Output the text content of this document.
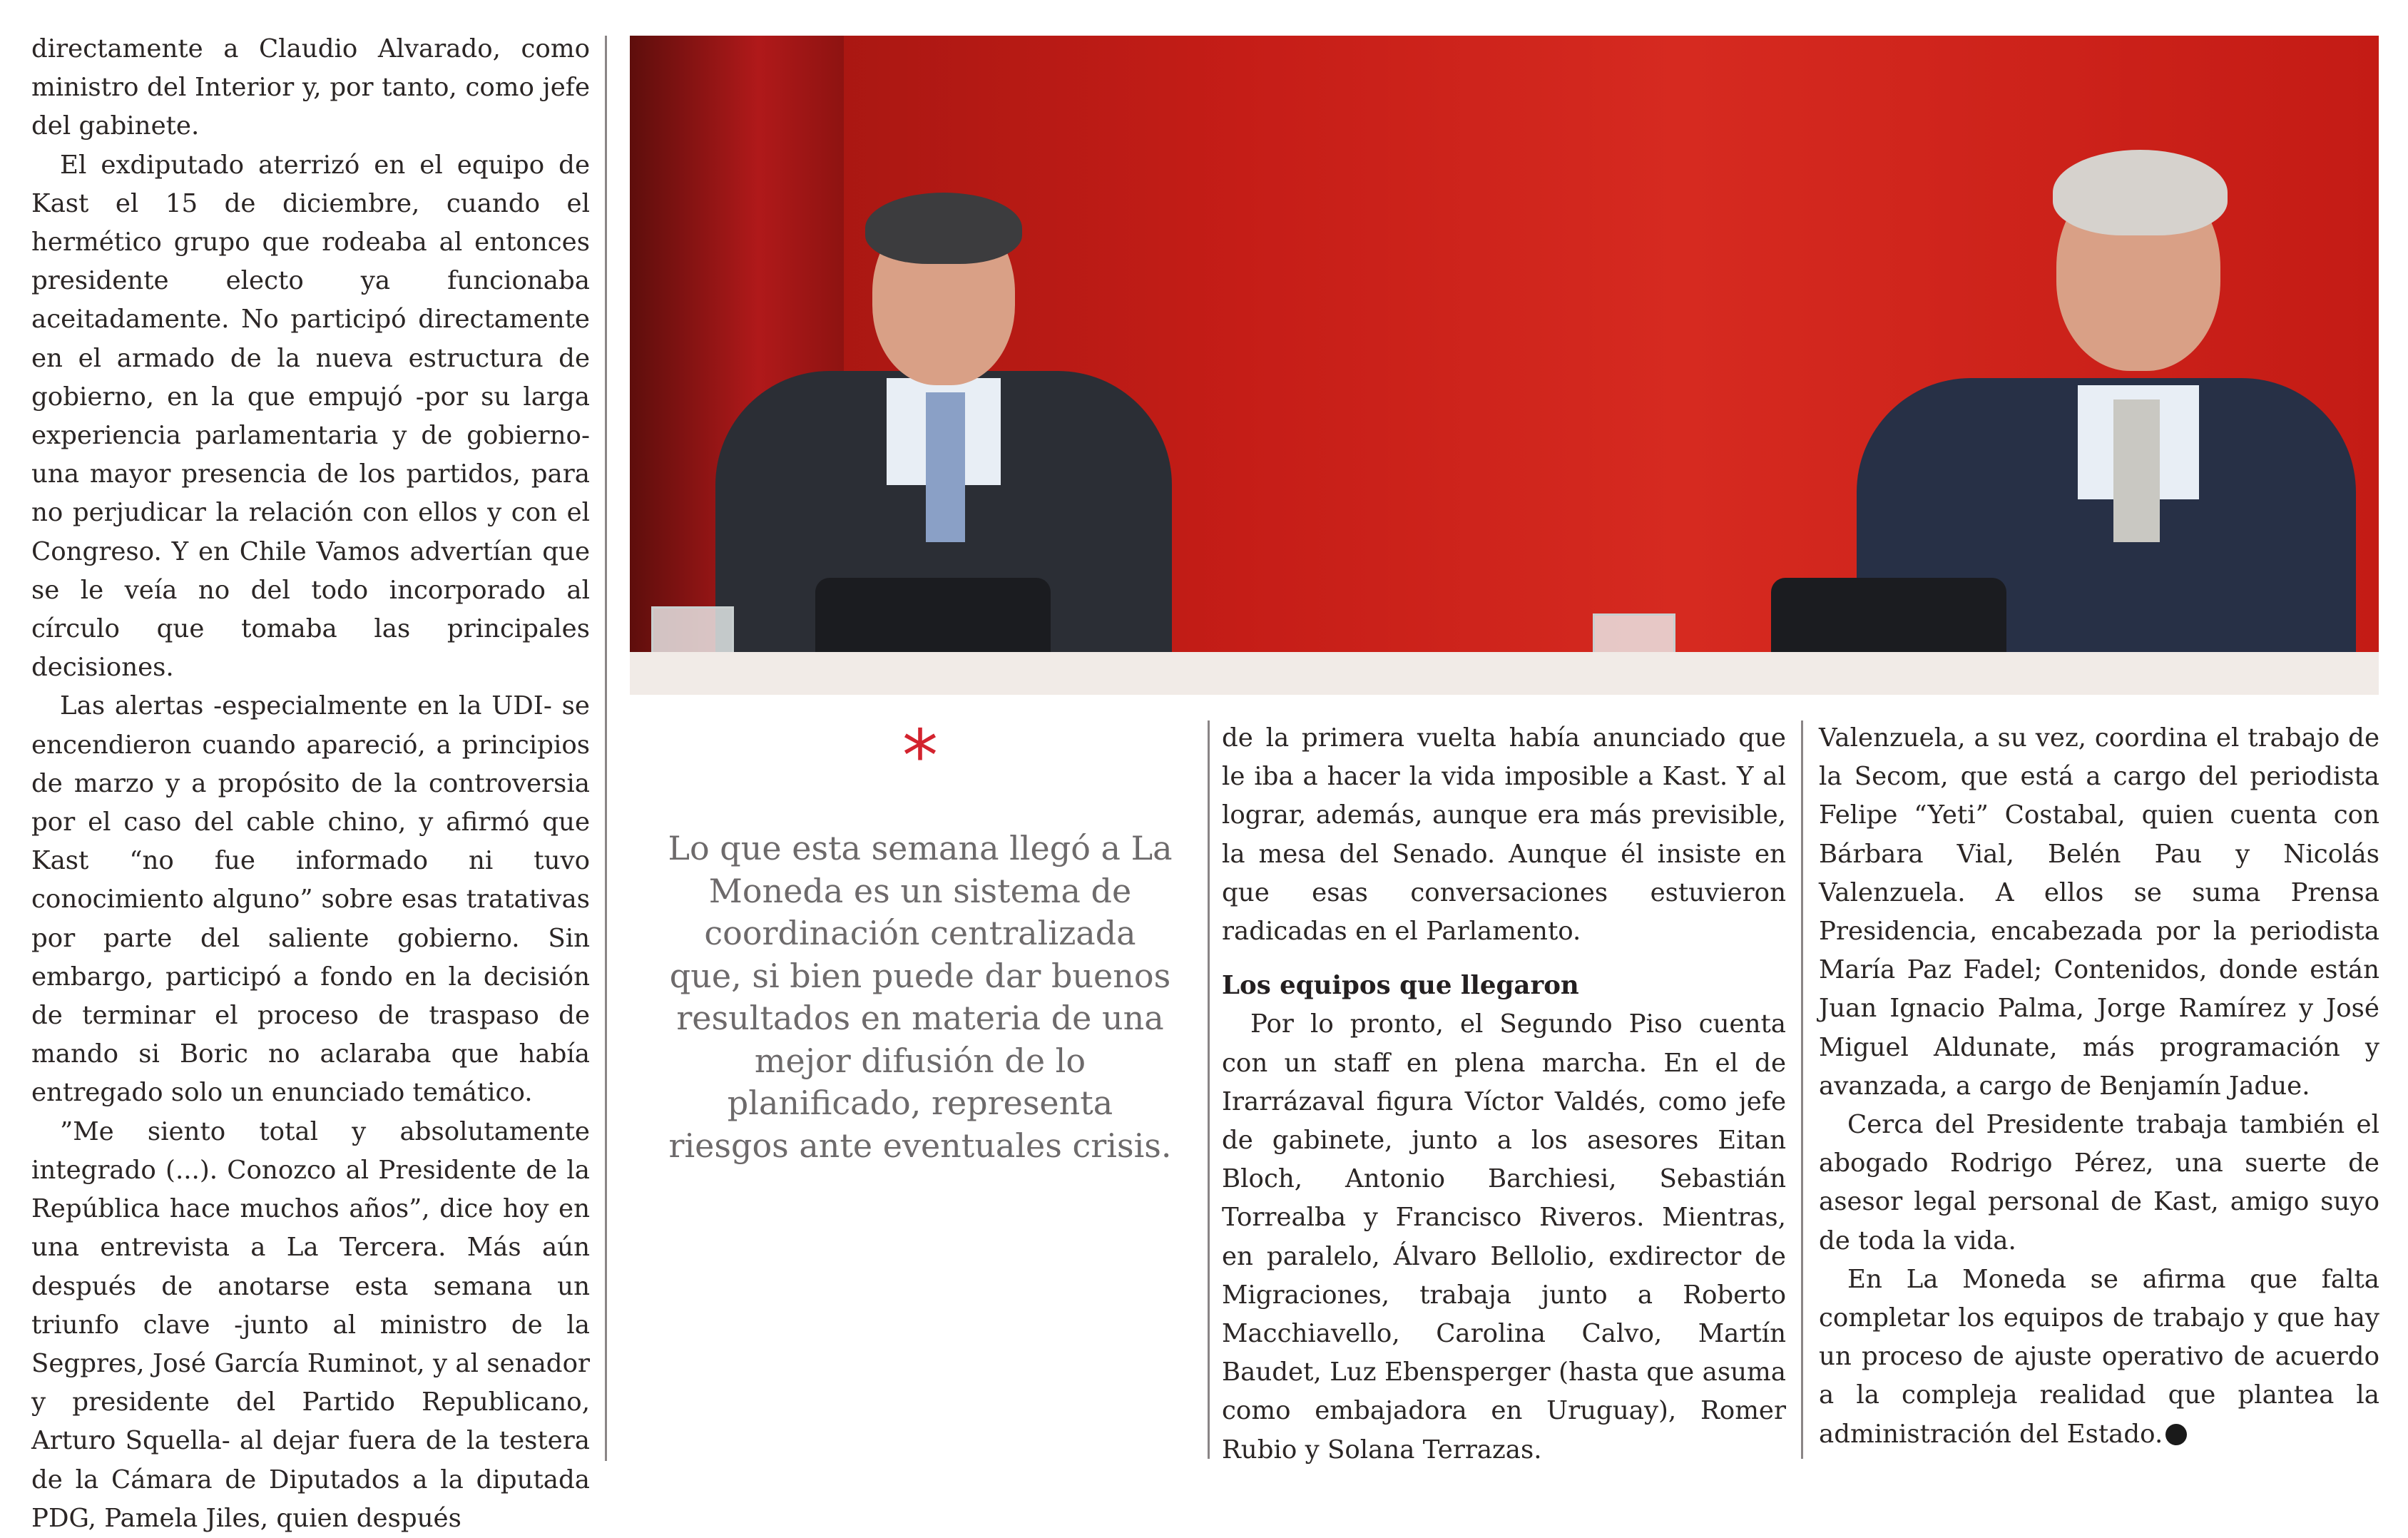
directamente a Claudio Alvarado, como ministro del Interior y, por tanto, como jefe del gabinete.

El exdiputado aterrizó en el equipo de Kast el 15 de diciembre, cuando el hermético grupo que rodeaba al entonces presidente electo ya funcionaba aceitadamente. No participó directamente en el armado de la nueva estructura de gobierno, en la que empujó -por su larga experiencia parlamentaria y de gobierno- una mayor presencia de los partidos, para no perjudicar la relación con ellos y con el Congreso. Y en Chile Vamos advertían que se le veía no del todo incorporado al círculo que tomaba las principales decisiones.

Las alertas -especialmente en la UDI- se encendieron cuando apareció, a principios de marzo y a propósito de la controversia por el caso del cable chino, y afirmó que Kast “no fue informado ni tuvo conocimiento alguno” sobre esas tratativas por parte del saliente gobierno. Sin embargo, participó a fondo en la decisión de terminar el proceso de traspaso de mando si Boric no aclaraba que había entregado solo un enunciado temático.

”Me siento total y absolutamente integrado (...). Conozco al Presidente de la República hace muchos años”, dice hoy en una entrevista a La Tercera. Más aún después de anotarse esta semana un triunfo clave -junto al ministro de la Segpres, José García Ruminot, y al senador y presidente del Partido Republicano, Arturo Squella- al dejar fuera de la testera de la Cámara de Diputados a la diputada PDG, Pamela Jiles, quien después

*
Lo que esta semana llegó a La Moneda es un sistema de coordinación centralizada que, si bien puede dar buenos resultados en materia de una mejor difusión de lo planificado, representa riesgos ante eventuales crisis.

de la primera vuelta había anunciado que le iba a hacer la vida imposible a Kast. Y al lograr, además, aunque era más previsible, la mesa del Senado. Aunque él insiste en que esas conversaciones estuvieron radicadas en el Parlamento.

Los equipos que llegaron

Por lo pronto, el Segundo Piso cuenta con un staff en plena marcha. En el de Irarrázaval figura Víctor Valdés, como jefe de gabinete, junto a los asesores Eitan Bloch, Antonio Barchiesi, Sebastián Torrealba y Francisco Riveros. Mientras, en paralelo, Álvaro Bellolio, exdirector de Migraciones, trabaja junto a Roberto Macchiavello, Carolina Calvo, Martín Baudet, Luz Ebensperger (hasta que asuma como embajadora en Uruguay), Romer Rubio y Solana Terrazas.

Valenzuela, a su vez, coordina el trabajo de la Secom, que está a cargo del periodista Felipe “Yeti” Costabal, quien cuenta con Bárbara Vial, Belén Pau y Nicolás Valenzuela. A ellos se suma Prensa Presidencia, encabezada por la periodista María Paz Fadel; Contenidos, donde están Juan Ignacio Palma, Jorge Ramírez y José Miguel Aldunate, más programación y avanzada, a cargo de Benjamín Jadue.

Cerca del Presidente trabaja también el abogado Rodrigo Pérez, una suerte de asesor legal personal de Kast, amigo suyo de toda la vida.

En La Moneda se afirma que falta completar los equipos de trabajo y que hay un proceso de ajuste operativo de acuerdo a la compleja realidad que plantea la administración del Estado.
